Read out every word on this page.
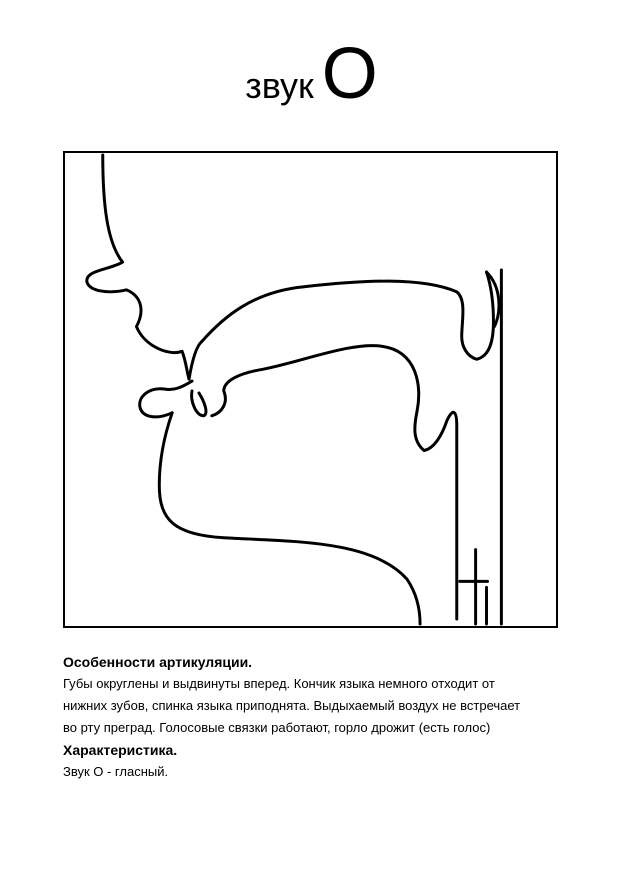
звук О

Особенности артикуляции.

Губы округлены и выдвинуты вперед. Кончик языка немного отходит от
нижних зубов, спинка языка приподнята. Выдыхаемый воздух не встречает
во рту преград. Голосовые связки работают, горло дрожит (есть голос)

Характеристика.

Звук О - гласный.
